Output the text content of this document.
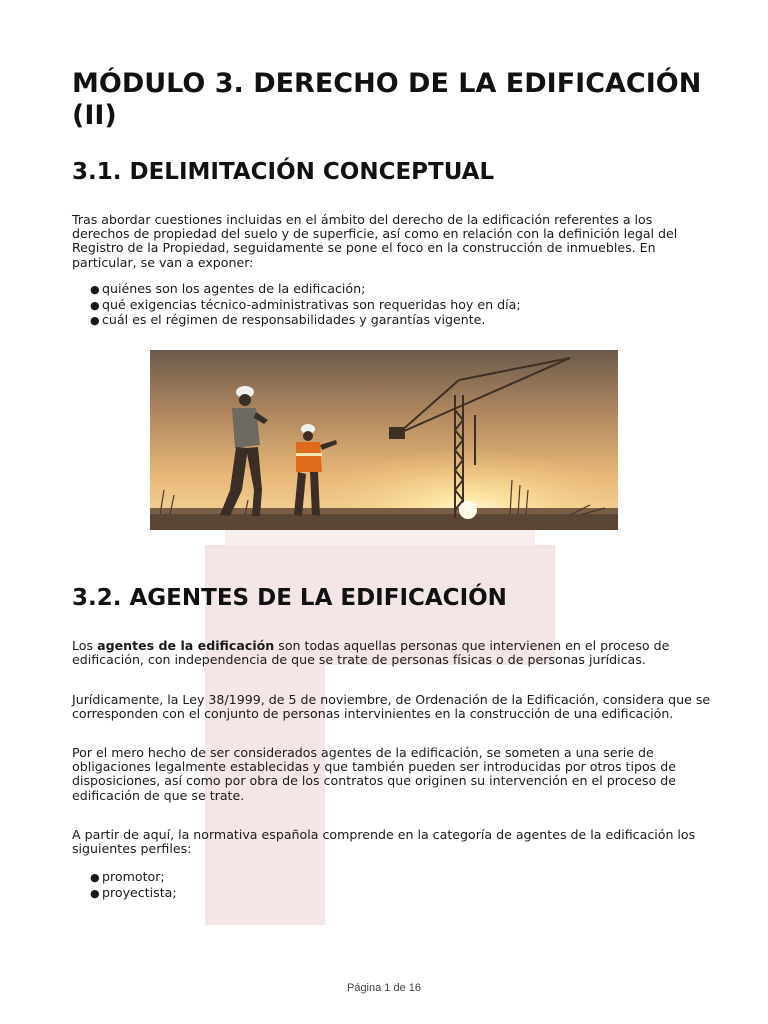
MÓDULO 3. DERECHO DE LA EDIFICACIÓN (II)
3.1. DELIMITACIÓN CONCEPTUAL

Tras abordar cuestiones incluidas en el ámbito del derecho de la edificación referentes a los derechos de propiedad del suelo y de superficie, así como en relación con la definición legal del Registro de la Propiedad, seguidamente se pone el foco en la construcción de inmuebles. En particular, se van a exponer:

● quiénes son los agentes de la edificación;
● qué exigencias técnico-administrativas son requeridas hoy en día;
● cuál es el régimen de responsabilidades y garantías vigente.
3.2. AGENTES DE LA EDIFICACIÓN

Los agentes de la edificación son todas aquellas personas que intervienen en el proceso de edificación, con independencia de que se trate de personas físicas o de personas jurídicas.

Jurídicamente, la Ley 38/1999, de 5 de noviembre, de Ordenación de la Edificación, considera que se corresponden con el conjunto de personas intervinientes en la construcción de una edificación.

Por el mero hecho de ser considerados agentes de la edificación, se someten a una serie de obligaciones legalmente establecidas y que también pueden ser introducidas por otros tipos de disposiciones, así como por obra de los contratos que originen su intervención en el proceso de edificación de que se trate.

A partir de aquí, la normativa española comprende en la categoría de agentes de la edificación los siguientes perfiles:

● promotor;
● proyectista;
Página 1 de 16
